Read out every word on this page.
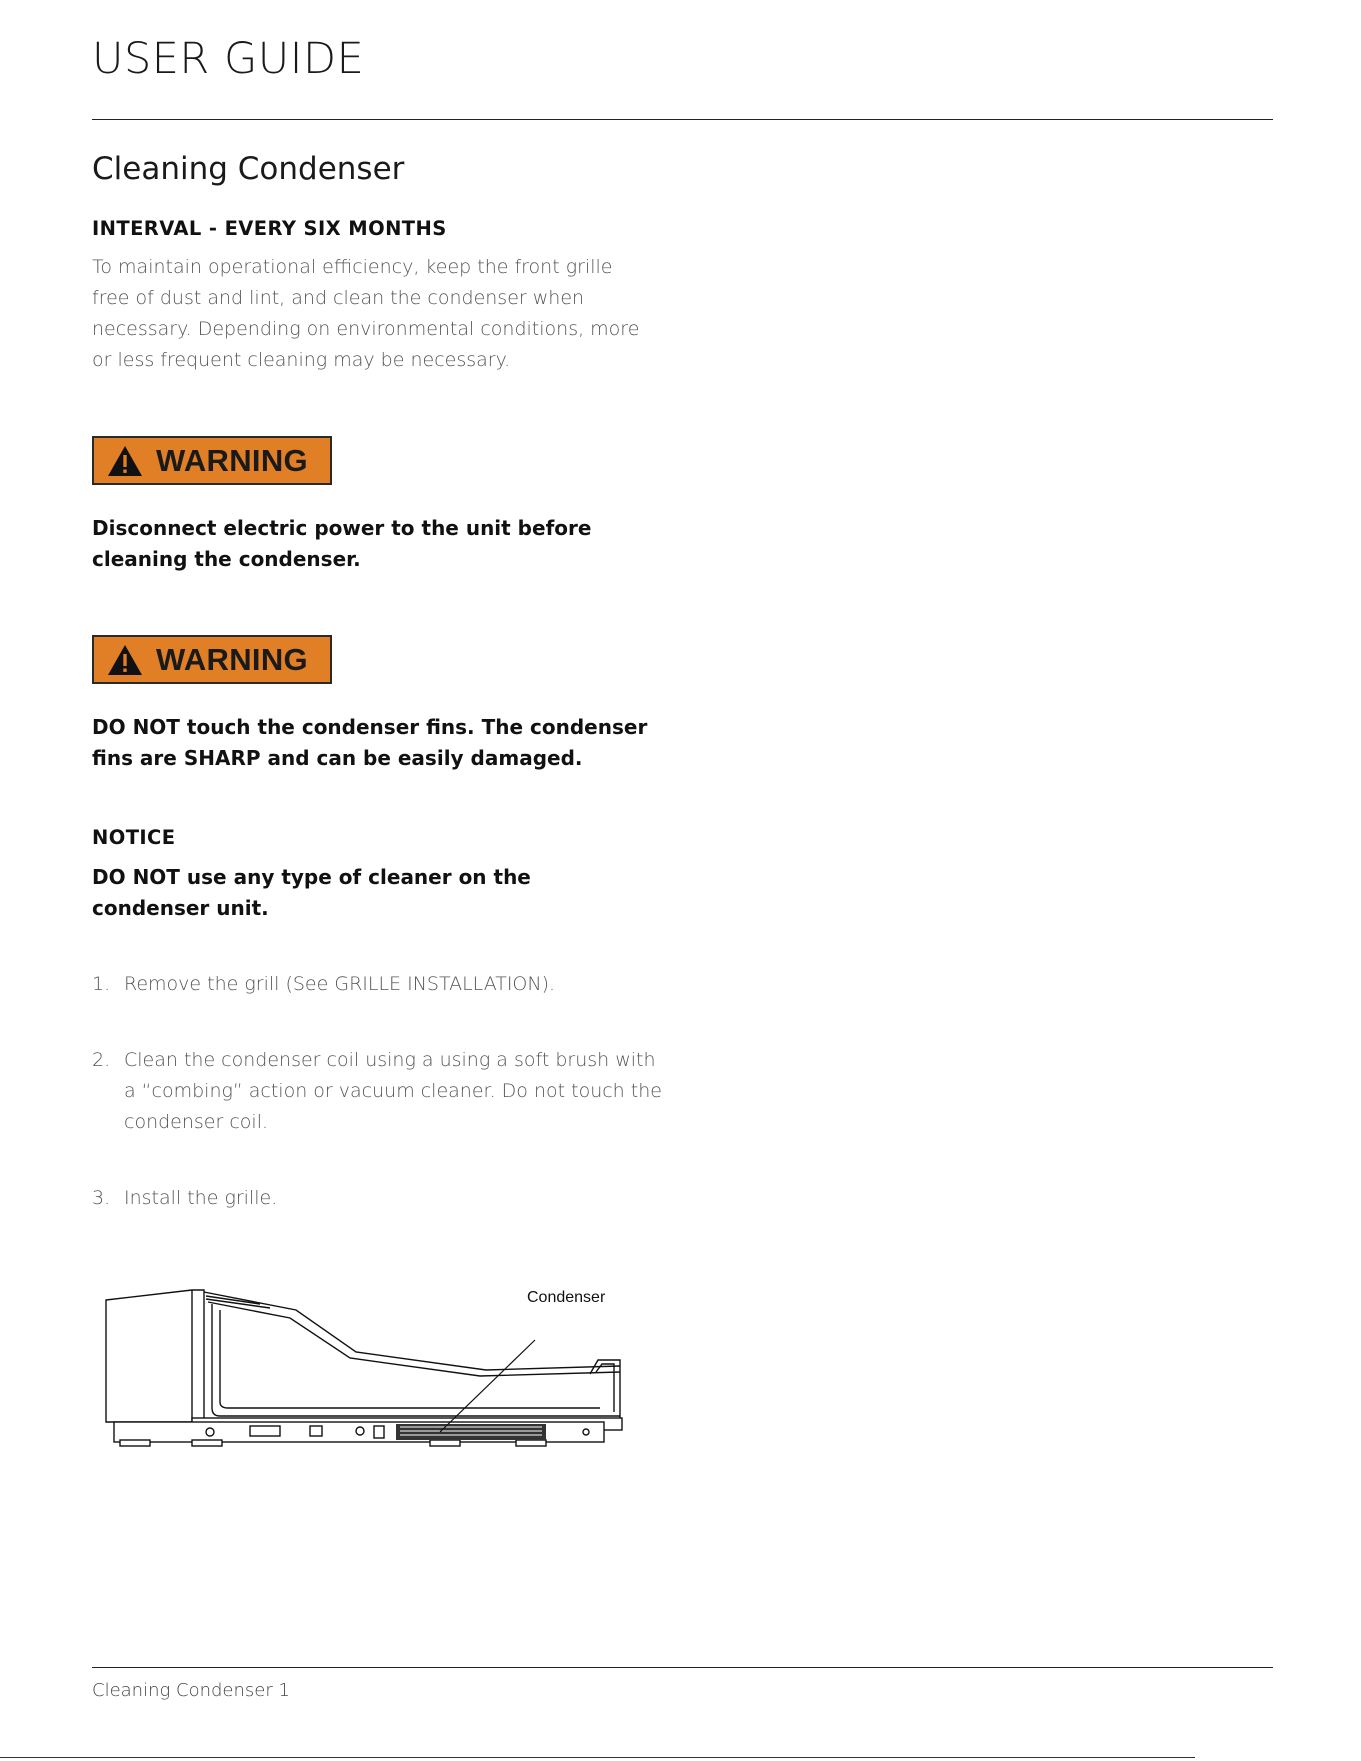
USER GUIDE
Cleaning Condenser

INTERVAL - EVERY SIX MONTHS

To maintain operational efficiency, keep the front grille free of dust and lint, and clean the condenser when necessary. Depending on environmental conditions, more or less frequent cleaning may be necessary.

WARNING

Disconnect electric power to the unit before cleaning the condenser.

WARNING

DO NOT touch the condenser fins. The condenser fins are SHARP and can be easily damaged.

NOTICE

DO NOT use any type of cleaner on the condenser unit.

1. Remove the grill (See GRILLE INSTALLATION).
2. Clean the condenser coil using a using a soft brush with a “combing” action or vacuum cleaner. Do not touch the condenser coil.
3. Install the grille.
Condenser
Cleaning Condenser 1
